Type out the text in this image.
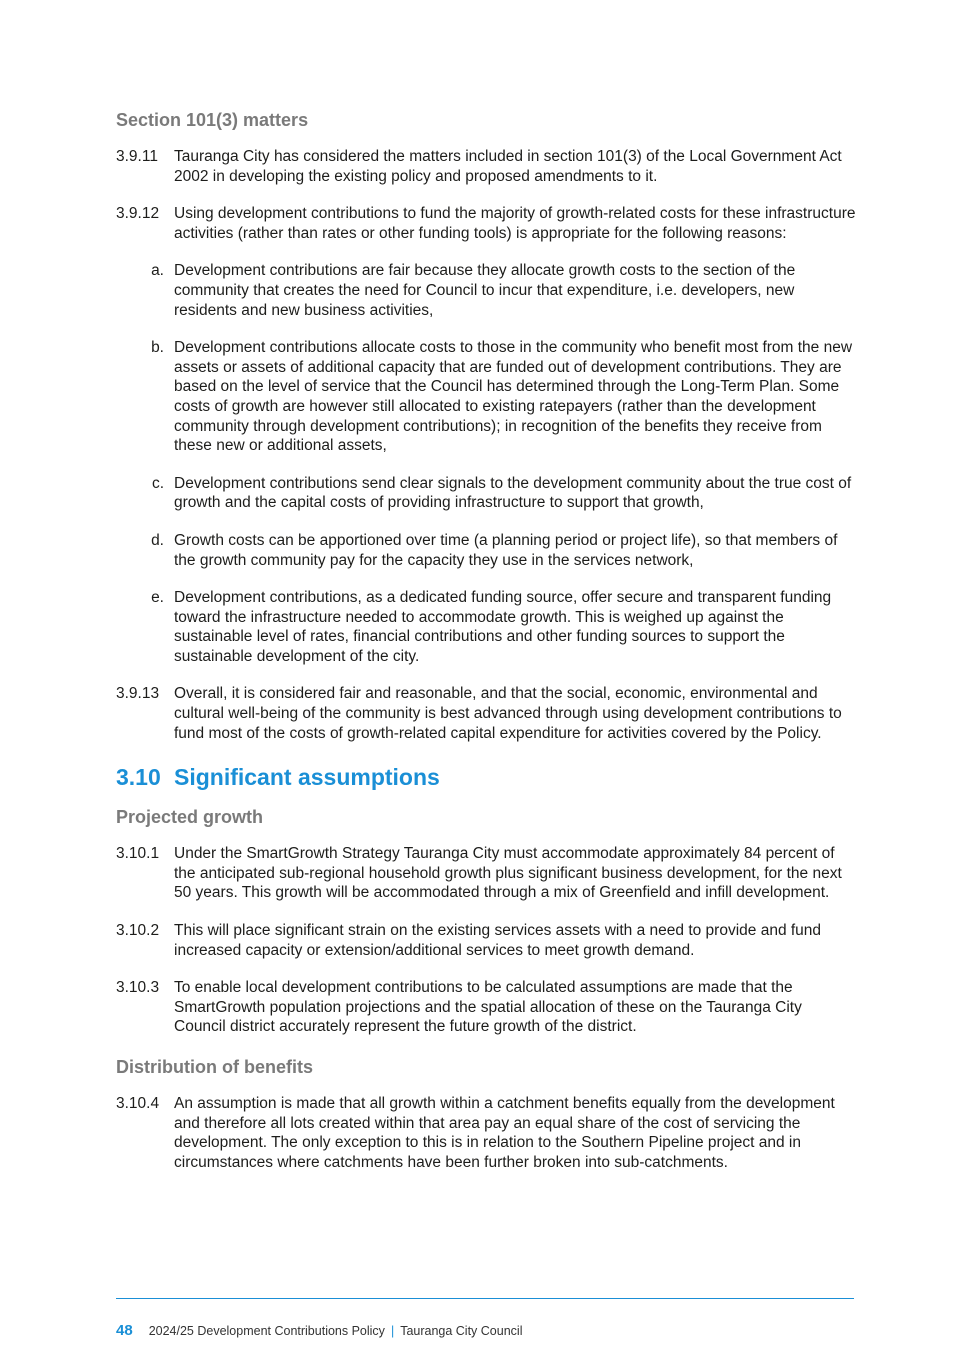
Section 101(3) matters
3.9.11	Tauranga City has considered the matters included in section 101(3) of the Local Government Act 2002 in developing the existing policy and proposed amendments to it.
3.9.12 Using development contributions to fund the majority of growth-related costs for these infrastructure activities (rather than rates or other funding tools) is appropriate for the following reasons:
a. Development contributions are fair because they allocate growth costs to the section of the community that creates the need for Council to incur that expenditure, i.e. developers, new residents and new business activities,
b. Development contributions allocate costs to those in the community who benefit most from the new assets or assets of additional capacity that are funded out of development contributions. They are based on the level of service that the Council has determined through the Long-Term Plan. Some costs of growth are however still allocated to existing ratepayers (rather than the development community through development contributions); in recognition of the benefits they receive from these new or additional assets,
c. Development contributions send clear signals to the development community about the true cost of growth and the capital costs of providing infrastructure to support that growth,
d. Growth costs can be apportioned over time (a planning period or project life), so that members of the growth community pay for the capacity they use in the services network,
e. Development contributions, as a dedicated funding source, offer secure and transparent funding toward the infrastructure needed to accommodate growth. This is weighed up against the sustainable level of rates, financial contributions and other funding sources to support the sustainable development of the city.
3.9.13 Overall, it is considered fair and reasonable, and that the social, economic, environmental and cultural well-being of the community is best advanced through using development contributions to fund most of the costs of growth-related capital expenditure for activities covered by the Policy.
3.10 Significant assumptions
Projected growth
3.10.1 Under the SmartGrowth Strategy Tauranga City must accommodate approximately 84 percent of the anticipated sub-regional household growth plus significant business development, for the next 50 years. This growth will be accommodated through a mix of Greenfield and infill development.
3.10.2 This will place significant strain on the existing services assets with a need to provide and fund increased capacity or extension/additional services to meet growth demand.
3.10.3 To enable local development contributions to be calculated assumptions are made that the SmartGrowth population projections and the spatial allocation of these on the Tauranga City Council district accurately represent the future growth of the district.
Distribution of benefits
3.10.4 An assumption is made that all growth within a catchment benefits equally from the development and therefore all lots created within that area pay an equal share of the cost of servicing the development. The only exception to this is in relation to the Southern Pipeline project and in circumstances where catchments have been further broken into sub-catchments.
48 2024/25 Development Contributions Policy | Tauranga City Council
